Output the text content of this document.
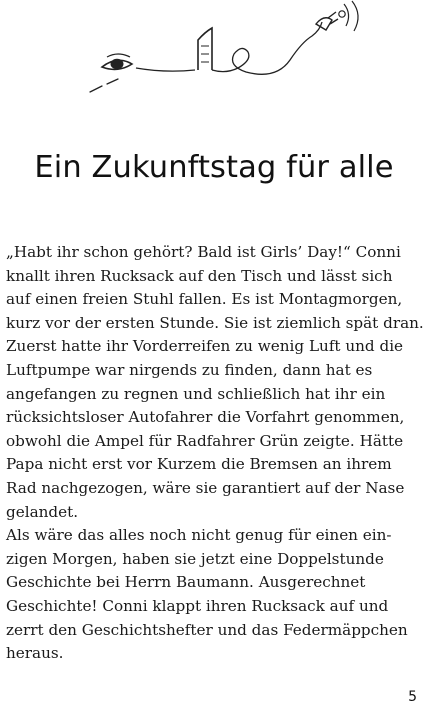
1
Ein Zukunftstag für alle
„Habt ihr schon gehört? Bald ist Girls’ Day!“ Conni
knallt ihren Rucksack auf den Tisch und lässt sich
auf einen freien Stuhl fallen. Es ist Montagmorgen,
kurz vor der ersten Stunde. Sie ist ziemlich spät dran.
Zuerst hatte ihr Vorderreifen zu wenig Luft und die
Luftpumpe war nirgends zu finden, dann hat es
angefangen zu regnen und schließlich hat ihr ein
rücksichtsloser Autofahrer die Vorfahrt genommen,
obwohl die Ampel für Radfahrer Grün zeigte. Hätte
Papa nicht erst vor Kurzem die Bremsen an ihrem
Rad nachgezogen, wäre sie garantiert auf der Nase
gelandet.
Als wäre das alles noch nicht genug für einen ein-
zigen Morgen, haben sie jetzt eine Doppelstunde
Geschichte bei Herrn Baumann. Ausgerechnet
Geschichte! Conni klappt ihren Rucksack auf und
zerrt den Geschichtshefter und das Federmäppchen
heraus.
5
